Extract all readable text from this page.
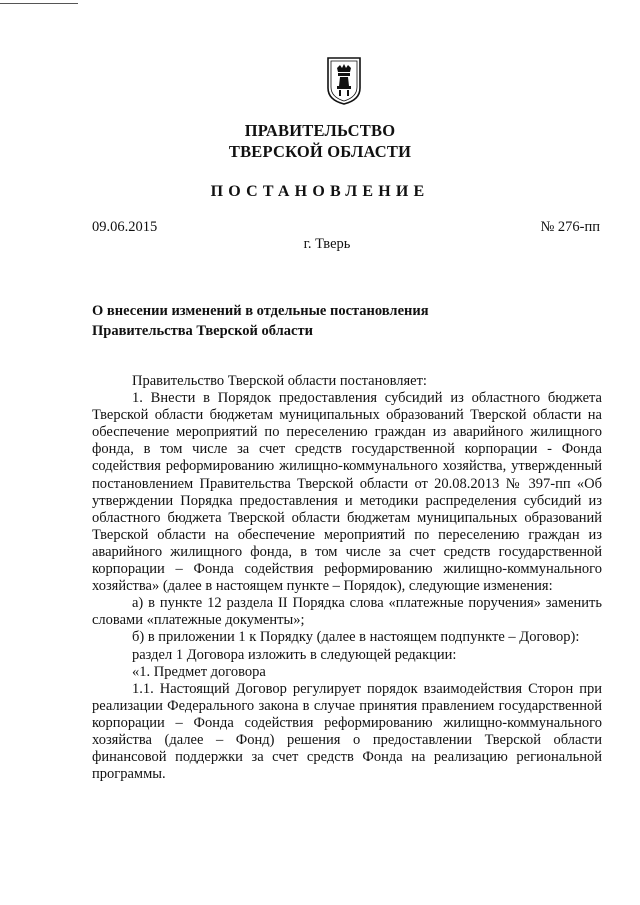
ПРАВИТЕЛЬСТВО
ТВЕРСКОЙ ОБЛАСТИ
ПОСТАНОВЛЕНИЕ
09.06.2015	№ 276-пп
г. Тверь
О внесении изменений в отдельные постановления
Правительства Тверской области

Правительство Тверской области постановляет:

1. Внести в Порядок предоставления субсидий из областного бюджета Тверской области бюджетам муниципальных образований Тверской области на обеспечение мероприятий по переселению граждан из аварийного жилищного фонда, в том числе за счет средств государственной корпорации - Фонда содействия реформированию жилищно-коммунального хозяйства, утвержденный постановлением Правительства Тверской области от 20.08.2013 № 397-пп «Об утверждении Порядка предоставления и методики распределения субсидий из областного бюджета Тверской области бюджетам муниципальных образований Тверской области на обеспечение мероприятий по переселению граждан из аварийного жилищного фонда, в том числе за счет средств государственной корпорации – Фонда содействия реформированию жилищно-коммунального хозяйства» (далее в настоящем пункте – Порядок), следующие изменения:

а) в пункте 12 раздела II Порядка слова «платежные поручения» заменить словами «платежные документы»;

б) в приложении 1 к Порядку (далее в настоящем подпункте – Договор):

раздел 1 Договора изложить в следующей редакции:

«1. Предмет договора

1.1. Настоящий Договор регулирует порядок взаимодействия Сторон при реализации Федерального закона в случае принятия правлением государственной корпорации – Фонда содействия реформированию жилищно-коммунального хозяйства (далее – Фонд) решения о предоставлении Тверской области финансовой поддержки за счет средств Фонда на реализацию региональной программы.
